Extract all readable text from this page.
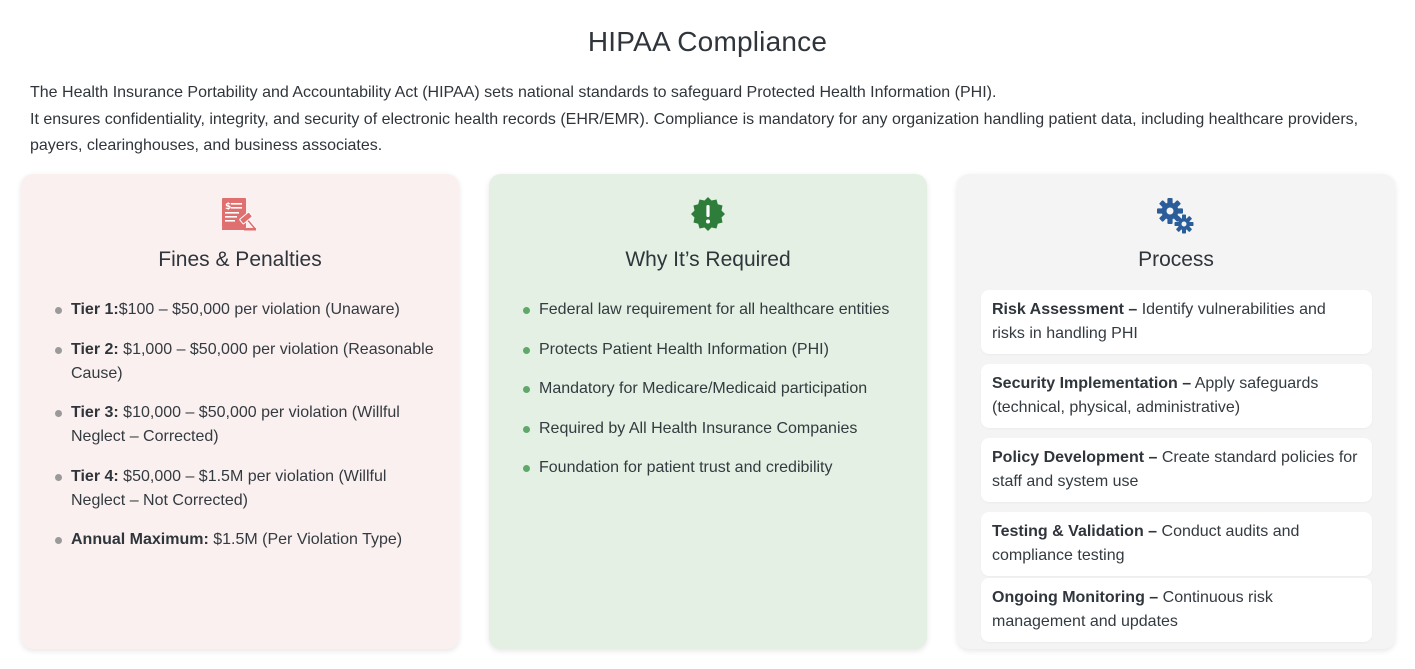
HIPAA Compliance

The Health Insurance Portability and Accountability Act (HIPAA) sets national standards to safeguard Protected Health Information (PHI).

It ensures confidentiality, integrity, and security of electronic health records (EHR/EMR). Compliance is mandatory for any organization handling patient data, including healthcare providers, payers, clearinghouses, and business associates.

$
Fines & Penalties
Tier 1:$100 – $50,000 per violation (Unaware)
Tier 2: $1,000 – $50,000 per violation (Reasonable Cause)
Tier 3: $10,000 – $50,000 per violation (Willful Neglect – Corrected)
Tier 4: $50,000 – $1.5M per violation (Willful Neglect – Not Corrected)
Annual Maximum: $1.5M (Per Violation Type)
Why It’s Required
Federal law requirement for all healthcare entities
Protects Patient Health Information (PHI)
Mandatory for Medicare/Medicaid participation
Required by All Health Insurance Companies
Foundation for patient trust and credibility
Process
Risk Assessment – Identify vulnerabilities and risks in handling PHI
Security Implementation – Apply safeguards (technical, physical, administrative)
Policy Development – Create standard policies for staff and system use
Testing & Validation – Conduct audits and compliance testing
Ongoing Monitoring – Continuous risk management and updates
